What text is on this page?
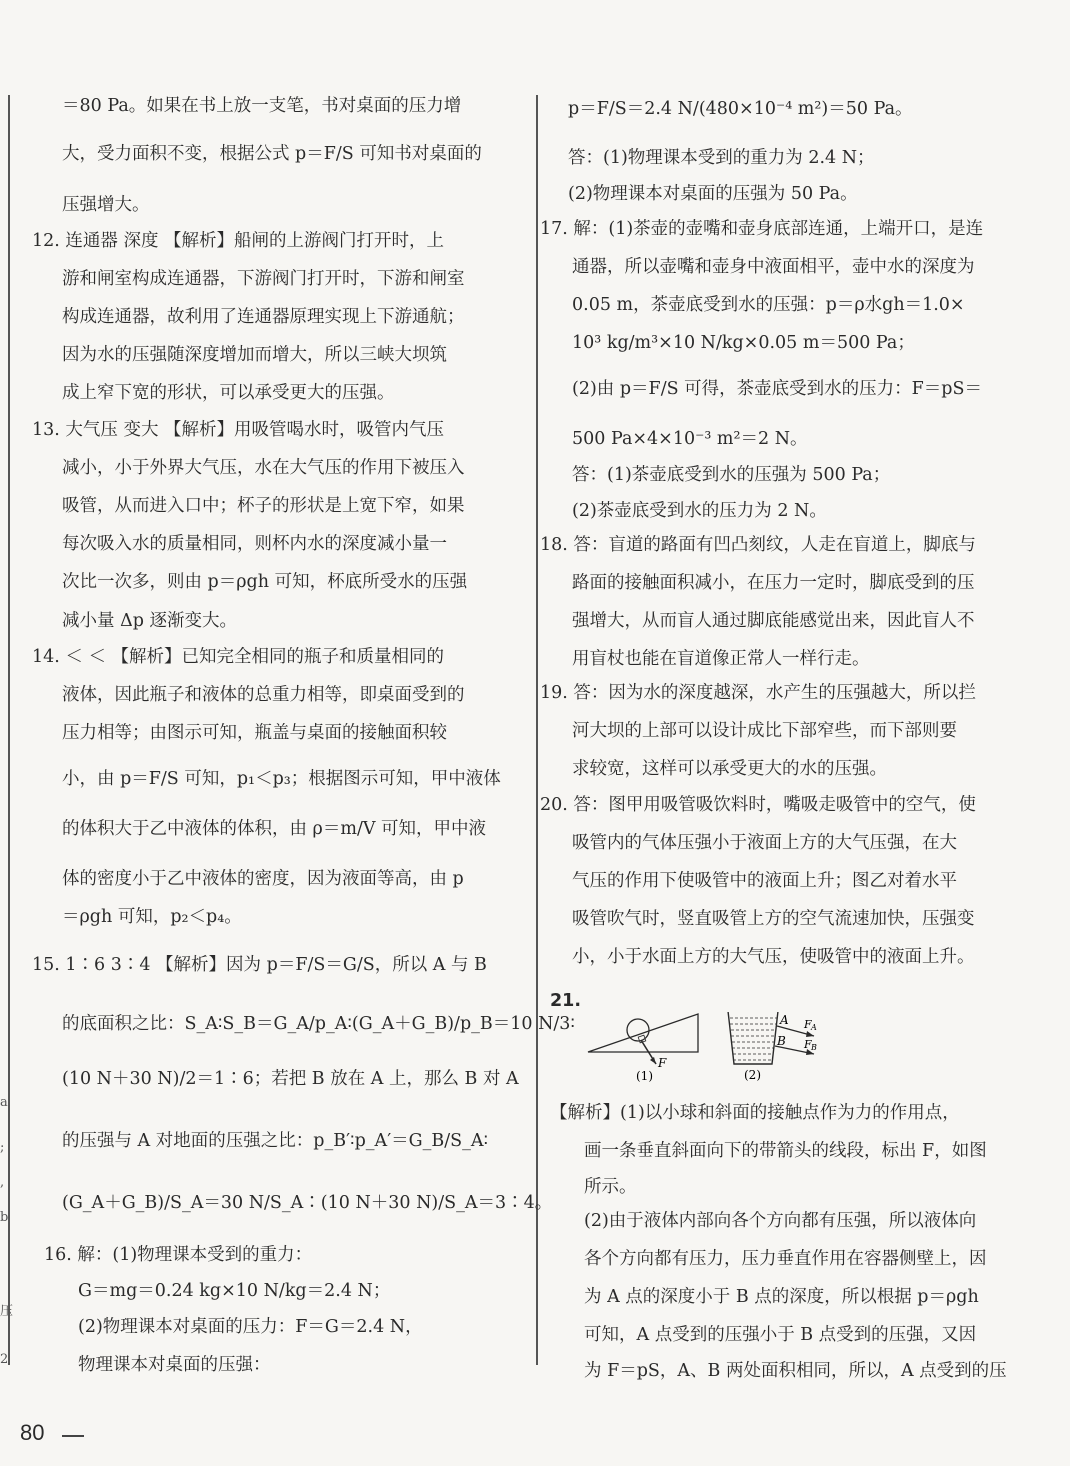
a
;
,
b
压
2
＝80 Pa。如果在书上放一支笔，书对桌面的压力增
大，受力面积不变，根据公式 p＝F/S 可知书对桌面的
压强增大。
12. 连通器 深度 【解析】船闸的上游阀门打开时，上
游和闸室构成连通器，下游阀门打开时，下游和闸室
构成连通器，故利用了连通器原理实现上下游通航；
因为水的压强随深度增加而增大，所以三峡大坝筑
成上窄下宽的形状，可以承受更大的压强。
13. 大气压 变大 【解析】用吸管喝水时，吸管内气压
减小，小于外界大气压，水在大气压的作用下被压入
吸管，从而进入口中；杯子的形状是上宽下窄，如果
每次吸入水的质量相同，则杯内水的深度减小量一
次比一次多，则由 p＝ρgh 可知，杯底所受水的压强
减小量 Δp 逐渐变大。
14. ＜ ＜ 【解析】已知完全相同的瓶子和质量相同的
液体，因此瓶子和液体的总重力相等，即桌面受到的
压力相等；由图示可知，瓶盖与桌面的接触面积较
小，由 p＝F/S 可知，p₁＜p₃；根据图示可知，甲中液体
的体积大于乙中液体的体积，由 ρ＝m/V 可知，甲中液
体的密度小于乙中液体的密度，因为液面等高，由 p
＝ρgh 可知，p₂＜p₄。
15. 1∶6 3∶4 【解析】因为 p＝F/S＝G/S，所以 A 与 B
的底面积之比：S_A∶S_B＝G_A/p_A∶(G_A＋G_B)/p_B＝10 N/3∶
(10 N＋30 N)/2＝1∶6；若把 B 放在 A 上，那么 B 对 A
的压强与 A 对地面的压强之比：p_B′∶p_A′＝G_B/S_A∶
(G_A＋G_B)/S_A＝30 N/S_A∶(10 N＋30 N)/S_A＝3∶4。
16. 解：(1)物理课本受到的重力：
G＝mg＝0.24 kg×10 N/kg＝2.4 N；
(2)物理课本对桌面的压力：F＝G＝2.4 N，
物理课本对桌面的压强：
p＝F/S＝2.4 N/(480×10⁻⁴ m²)＝50 Pa。
答：(1)物理课本受到的重力为 2.4 N；
(2)物理课本对桌面的压强为 50 Pa。
17. 解：(1)茶壶的壶嘴和壶身底部连通，上端开口，是连
通器，所以壶嘴和壶身中液面相平，壶中水的深度为
0.05 m，茶壶底受到水的压强：p＝ρ水gh＝1.0×
10³ kg/m³×10 N/kg×0.05 m＝500 Pa；
(2)由 p＝F/S 可得，茶壶底受到水的压力：F＝pS＝
500 Pa×4×10⁻³ m²＝2 N。
答：(1)茶壶底受到水的压强为 500 Pa；
(2)茶壶底受到水的压力为 2 N。
18. 答：盲道的路面有凹凸刻纹，人走在盲道上，脚底与
路面的接触面积减小，在压力一定时，脚底受到的压
强增大，从而盲人通过脚底能感觉出来，因此盲人不
用盲杖也能在盲道像正常人一样行走。
19. 答：因为水的深度越深，水产生的压强越大，所以拦
河大坝的上部可以设计成比下部窄些，而下部则要
求较宽，这样可以承受更大的水的压强。
20. 答：图甲用吸管吸饮料时，嘴吸走吸管中的空气，使
吸管内的气体压强小于液面上方的大气压强，在大
气压的作用下使吸管中的液面上升；图乙对着水平
吸管吹气时，竖直吸管上方的空气流速加快，压强变
小，小于水面上方的大气压，使吸管中的液面上升。
21.
【解析】(1)以小球和斜面的接触点作为力的作用点，
画一条垂直斜面向下的带箭头的线段，标出 F，如图
所示。
(2)由于液体内部向各个方向都有压强，所以液体向
各个方向都有压力，压力垂直作用在容器侧壁上，因
为 A 点的深度小于 B 点的深度，所以根据 p＝ρgh
可知，A 点受到的压强小于 B 点受到的压强，又因
为 F＝pS，A、B 两处面积相同，所以，A 点受到的压
F
(1)
A
B
F A
F B
(2)
80
